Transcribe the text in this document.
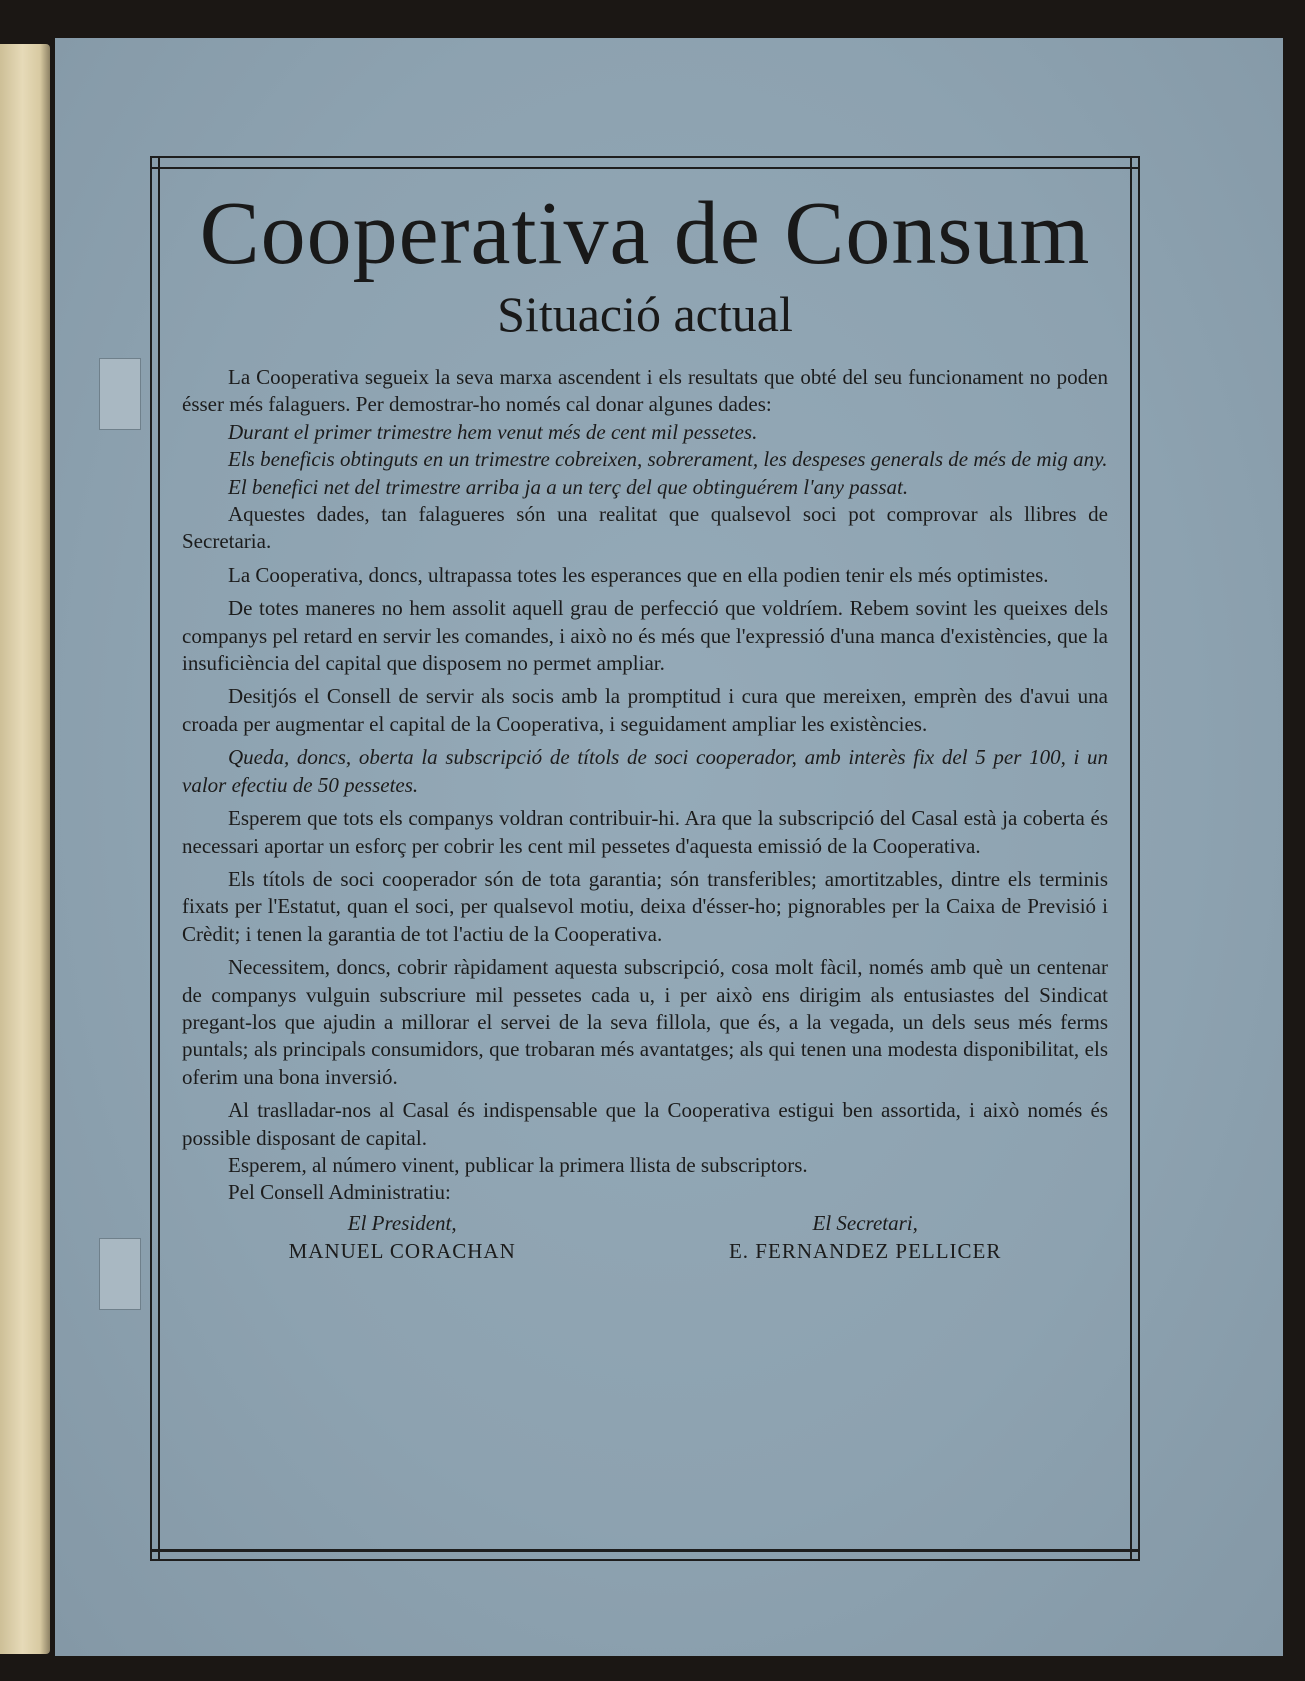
Cooperativa de Consum
Situació actual

La Cooperativa segueix la seva marxa ascendent i els resultats que obté del seu funcionament no poden ésser més falaguers. Per demostrar-ho només cal donar algunes dades:

Durant el primer trimestre hem venut més de cent mil pessetes.

Els beneficis obtinguts en un trimestre cobreixen, sobrerament, les despeses generals de més de mig any.

El benefici net del trimestre arriba ja a un terç del que obtinguérem l'any passat.

Aquestes dades, tan falagueres són una realitat que qualsevol soci pot comprovar als llibres de Secretaria.

La Cooperativa, doncs, ultrapassa totes les esperances que en ella podien tenir els més optimistes.

De totes maneres no hem assolit aquell grau de perfecció que voldríem. Rebem sovint les queixes dels companys pel retard en servir les comandes, i això no és més que l'expressió d'una manca d'existències, que la insuficiència del capital que disposem no permet ampliar.

Desitjós el Consell de servir als socis amb la promptitud i cura que mereixen, emprèn des d'avui una croada per augmentar el capital de la Cooperativa, i seguidament ampliar les existències.

Queda, doncs, oberta la subscripció de títols de soci cooperador, amb interès fix del 5 per 100, i un valor efectiu de 50 pessetes.

Esperem que tots els companys voldran contribuir-hi. Ara que la subscripció del Casal està ja coberta és necessari aportar un esforç per cobrir les cent mil pessetes d'aquesta emissió de la Cooperativa.

Els títols de soci cooperador són de tota garantia; són transferibles; amortitzables, dintre els terminis fixats per l'Estatut, quan el soci, per qualsevol motiu, deixa d'ésser-ho; pignorables per la Caixa de Previsió i Crèdit; i tenen la garantia de tot l'actiu de la Cooperativa.

Necessitem, doncs, cobrir ràpidament aquesta subscripció, cosa molt fàcil, només amb què un centenar de companys vulguin subscriure mil pessetes cada u, i per això ens dirigim als entusiastes del Sindicat pregant-los que ajudin a millorar el servei de la seva fillola, que és, a la vegada, un dels seus més ferms puntals; als principals consumidors, que trobaran més avantatges; als qui tenen una modesta disponibilitat, els oferim una bona inversió.

Al traslladar-nos al Casal és indispensable que la Cooperativa estigui ben assortida, i això només és possible disposant de capital.

Esperem, al número vinent, publicar la primera llista de subscriptors.

Pel Consell Administratiu:

El President,
MANUEL CORACHAN
El Secretari,
E. FERNANDEZ PELLICER
